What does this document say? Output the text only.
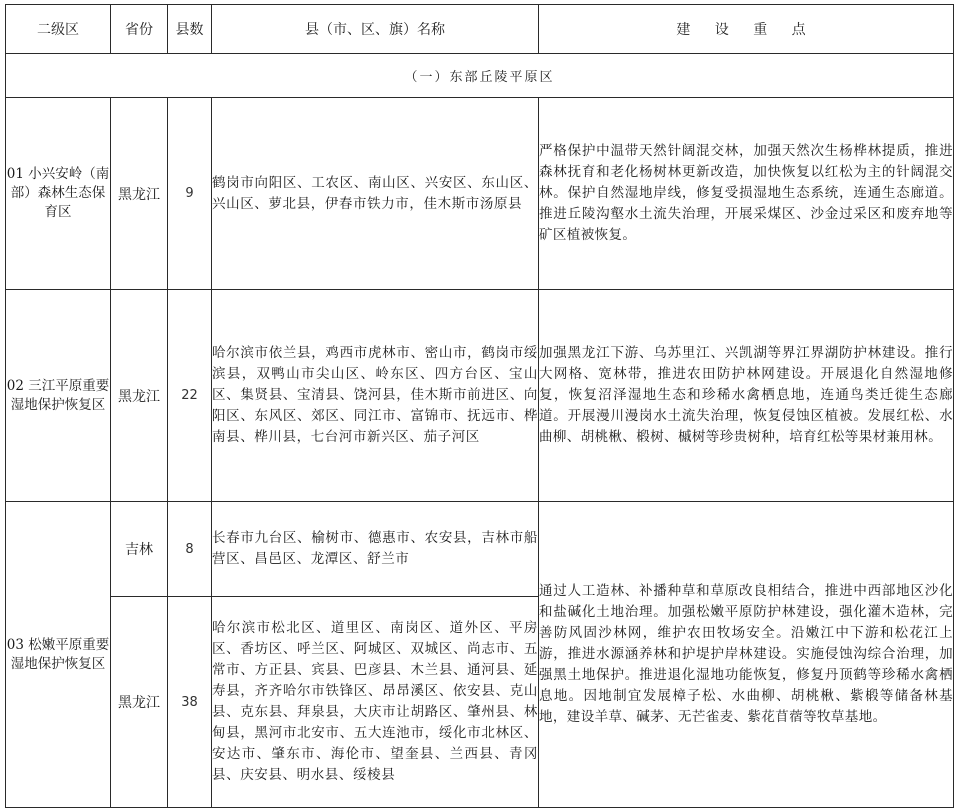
二级区	省份	县数	县（市、区、旗）名称	建 设 重 点
（一）东部丘陵平原区				
01 小兴安岭（南部）森林生态保育区	黑龙江	9	鹤岗市向阳区、工农区、南山区、兴安区、东山区、兴山区、萝北县，伊春市铁力市，佳木斯市汤原县	严格保护中温带天然针阔混交林，加强天然次生杨桦林提质，推进森林抚育和老化杨树林更新改造，加快恢复以红松为主的针阔混交林。保护自然湿地岸线，修复受损湿地生态系统，连通生态廊道。推进丘陵沟壑水土流失治理，开展采煤区、沙金过采区和废弃地等矿区植被恢复。
02 三江平原重要湿地保护恢复区	黑龙江	22	哈尔滨市依兰县，鸡西市虎林市、密山市，鹤岗市绥滨县，双鸭山市尖山区、岭东区、四方台区、宝山区、集贤县、宝清县、饶河县，佳木斯市前进区、向阳区、东风区、郊区、同江市、富锦市、抚远市、桦南县、桦川县，七台河市新兴区、茄子河区	加强黑龙江下游、乌苏里江、兴凯湖等界江界湖防护林建设。推行大网格、宽林带，推进农田防护林网建设。开展退化自然湿地修复，恢复沼泽湿地生态和珍稀水禽栖息地，连通鸟类迁徙生态廊道。开展漫川漫岗水土流失治理，恢复侵蚀区植被。发展红松、水曲柳、胡桃楸、椴树、槭树等珍贵树种，培育红松等果材兼用林。
03 松嫩平原重要湿地保护恢复区	吉林	8	长春市九台区、榆树市、德惠市、农安县，吉林市船营区、昌邑区、龙潭区、舒兰市	通过人工造林、补播种草和草原改良相结合，推进中西部地区沙化和盐碱化土地治理。加强松嫩平原防护林建设，强化灌木造林，完善防风固沙林网，维护农田牧场安全。沿嫩江中下游和松花江上游，推进水源涵养林和护堤护岸林建设。实施侵蚀沟综合治理，加强黑土地保护。推进退化湿地功能恢复，修复丹顶鹤等珍稀水禽栖息地。因地制宜发展樟子松、水曲柳、胡桃楸、紫椴等储备林基地，建设羊草、碱茅、无芒雀麦、紫花苜蓿等牧草基地。
	黑龙江	38	哈尔滨市松北区、道里区、南岗区、道外区、平房区、香坊区、呼兰区、阿城区、双城区、尚志市、五常市、方正县、宾县、巴彦县、木兰县、通河县、延寿县，齐齐哈尔市铁锋区、昂昂溪区、依安县、克山县、克东县、拜泉县，大庆市让胡路区、肇州县、林甸县，黑河市北安市、五大连池市，绥化市北林区、安达市、肇东市、海伦市、望奎县、兰西县、青冈县、庆安县、明水县、绥棱县	
